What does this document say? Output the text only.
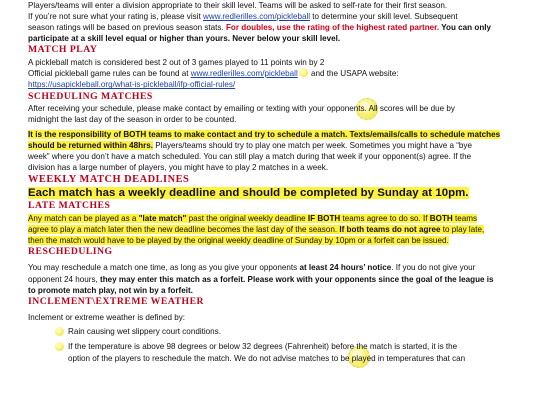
Players/teams will enter a division appropriate to their skill level. Teams will be asked to self-rate for their first season.

If you’re not sure what your rating is, please visit www.redlerilles.com/pickleball to determine your skill level. Subsequent

season ratings will be based on previous season stats. For doubles, use the rating of the highest rated partner. You can only

participate at a skill level equal or higher than yours. Never below your skill level.

MATCH PLAY

A pickleball match is considered best 2 out of 3 games played to 11 points win by 2

Official pickleball game rules can be found at www.redlerilles.com/pickleball and the USAPA website:

https://usapickleball.org/what-is-pickleball/ifp-official-rules/

SCHEDULING MATCHES

After receiving your schedule, please make contact by emailing or texting with your opponents. All scores will be due by

midnight the last day of the season in order to be counted.

It is the responsibility of BOTH teams to make contact and try to schedule a match. Texts/emails/calls to schedule matches

should be returned within 48hrs. Players/teams should try to play one match per week. Sometimes you might have a “bye

week” where you don’t have a match scheduled. You can still play a match during that week if your opponent(s) agree. If the

division has a large number of players, you might have to play 2 matches in a week.

WEEKLY MATCH DEADLINES

Each match has a weekly deadline and should be completed by Sunday at 10pm.

LATE MATCHES

Any match can be played as a "late match" past the original weekly deadline IF BOTH teams agree to do so. If BOTH teams

agree to play a match later then the new deadline becomes the last day of the season. If both teams do not agree to play late,

then the match would have to be played by the original weekly deadline of Sunday by 10pm or a forfeit can be issued.

RESCHEDULING

You may reschedule a match one time, as long as you give your opponents at least 24 hours’ notice. If you do not give your

opponent 24 hours, they may enter this match as a forfeit. Please work with your opponents since the goal of the league is

to promote match play, not win by a forfeit.

INCLEMENT\EXTREME WEATHER

Inclement or extreme weather is defined by:

Rain causing wet slippery court conditions.

If the temperature is above 98 degrees or below 32 degrees (Fahrenheit) before the match is started, it is the

option of the players to reschedule the match. We do not advise matches to be played in temperatures that can
